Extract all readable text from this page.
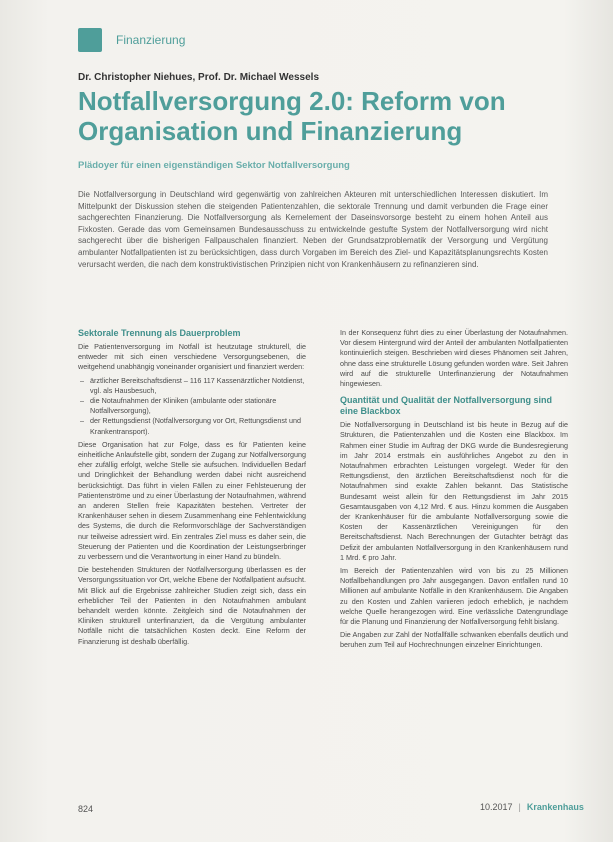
Finanzierung
Dr. Christopher Niehues, Prof. Dr. Michael Wessels
Notfallversorgung 2.0: Reform von Organisation und Finanzierung
Plädoyer für einen eigenständigen Sektor Notfallversorgung

Die Notfallversorgung in Deutschland wird gegenwärtig von zahlreichen Akteuren mit unterschiedlichen Interessen diskutiert. Im Mittelpunkt der Diskussion stehen die steigenden Patientenzahlen, die sektorale Trennung und damit verbunden die Frage einer sachgerechten Finanzierung. Die Notfallversorgung als Kernelement der Daseinsvorsorge besteht zu einem hohen Anteil aus Fixkosten. Gerade das vom Gemeinsamen Bundesausschuss zu entwickelnde gestufte System der Notfallversorgung wird nicht sachgerecht über die bisherigen Fallpauschalen finanziert. Neben der Grundsatzproblematik der Versorgung und Vergütung ambulanter Notfallpatienten ist zu berücksichtigen, dass durch Vorgaben im Bereich des Ziel- und Kapazitätsplanungsrechts Kosten verursacht werden, die nach dem konstruktivistischen Prinzipien nicht von Krankenhäusern zu refinanzieren sind.

Sektorale Trennung als Dauerproblem

Die Patientenversorgung im Notfall ist heutzutage strukturell, die entweder mit sich einen verschiedene Versorgungsebenen, die weitgehend unabhängig voneinander organisiert und finanziert werden:

– ärztlicher Bereitschaftsdienst – 116 117 Kassenärztlicher Notdienst, vgl. als Hausbesuch,
– die Notaufnahmen der Kliniken (ambulante oder stationäre Notfallversorgung),
– der Rettungsdienst (Notfallversorgung vor Ort, Rettungsdienst und Krankentransport).

Diese Organisation hat zur Folge, dass es für Patienten keine einheitliche Anlaufstelle gibt, sondern der Zugang zur Notfallversorgung eher zufällig erfolgt, welche Stelle sie aufsuchen. Individuellen Bedarf und Dringlichkeit der Behandlung werden dabei nicht ausreichend berücksichtigt. Das führt in vielen Fällen zu einer Fehlsteuerung der Patientenströme und zu einer Überlastung der Notaufnahmen, während an anderen Stellen freie Kapazitäten bestehen. Vertreter der Krankenhäuser sehen in diesem Zusammenhang eine Fehlentwicklung des Systems, die durch die Reformvorschläge der Sachverständigen nur teilweise adressiert wird. Ein zentrales Ziel muss es daher sein, die Steuerung der Patienten und die Koordination der Leistungserbringer zu verbessern und die Verantwortung in einer Hand zu bündeln.

Die bestehenden Strukturen der Notfallversorgung überlassen es der Versorgungssituation vor Ort, welche Ebene der Notfallpatient aufsucht. Mit Blick auf die Ergebnisse zahlreicher Studien zeigt sich, dass ein erheblicher Teil der Patienten in den Notaufnahmen ambulant behandelt werden könnte. Zeitgleich sind die Notaufnahmen der Kliniken strukturell unterfinanziert, da die Vergütung ambulanter Notfälle nicht die tatsächlichen Kosten deckt. Eine Reform der Finanzierung ist deshalb überfällig.

In der Konsequenz führt dies zu einer Überlastung der Notaufnahmen. Vor diesem Hintergrund wird der Anteil der ambulanten Notfallpatienten kontinuierlich steigen. Beschrieben wird dieses Phänomen seit Jahren, ohne dass eine strukturelle Lösung gefunden worden wäre. Seit Jahren wird auf die strukturelle Unterfinanzierung der Notaufnahmen hingewiesen.

Quantität und Qualität der Notfallversorgung sind eine Blackbox

Die Notfallversorgung in Deutschland ist bis heute in Bezug auf die Strukturen, die Patientenzahlen und die Kosten eine Blackbox. Im Rahmen einer Studie im Auftrag der DKG wurde die Bundesregierung im Jahr 2014 erstmals ein ausführliches Angebot zu den in Notaufnahmen erbrachten Leistungen vorgelegt. Weder für den Rettungsdienst, den ärztlichen Bereitschaftsdienst noch für die Notaufnahmen sind exakte Zahlen bekannt. Das Statistische Bundesamt weist allein für den Rettungsdienst im Jahr 2015 Gesamtausgaben von 4,12 Mrd. € aus. Hinzu kommen die Ausgaben der Krankenhäuser für die ambulante Notfallversorgung sowie die Kosten der Kassenärztlichen Vereinigungen für den Bereitschaftsdienst. Nach Berechnungen der Gutachter beträgt das Defizit der ambulanten Notfallversorgung in den Krankenhäusern rund 1 Mrd. € pro Jahr.

Im Bereich der Patientenzahlen wird von bis zu 25 Millionen Notfallbehandlungen pro Jahr ausgegangen. Davon entfallen rund 10 Millionen auf ambulante Notfälle in den Krankenhäusern. Die Angaben zu den Kosten und Zahlen variieren jedoch erheblich, je nachdem welche Quelle herangezogen wird. Eine verlässliche Datengrundlage für die Planung und Finanzierung der Notfallversorgung fehlt bislang.

Die Angaben zur Zahl der Notfallfälle schwanken ebenfalls deutlich und beruhen zum Teil auf Hochrechnungen einzelner Einrichtungen.

824	10.2017 | Krankenhaus
